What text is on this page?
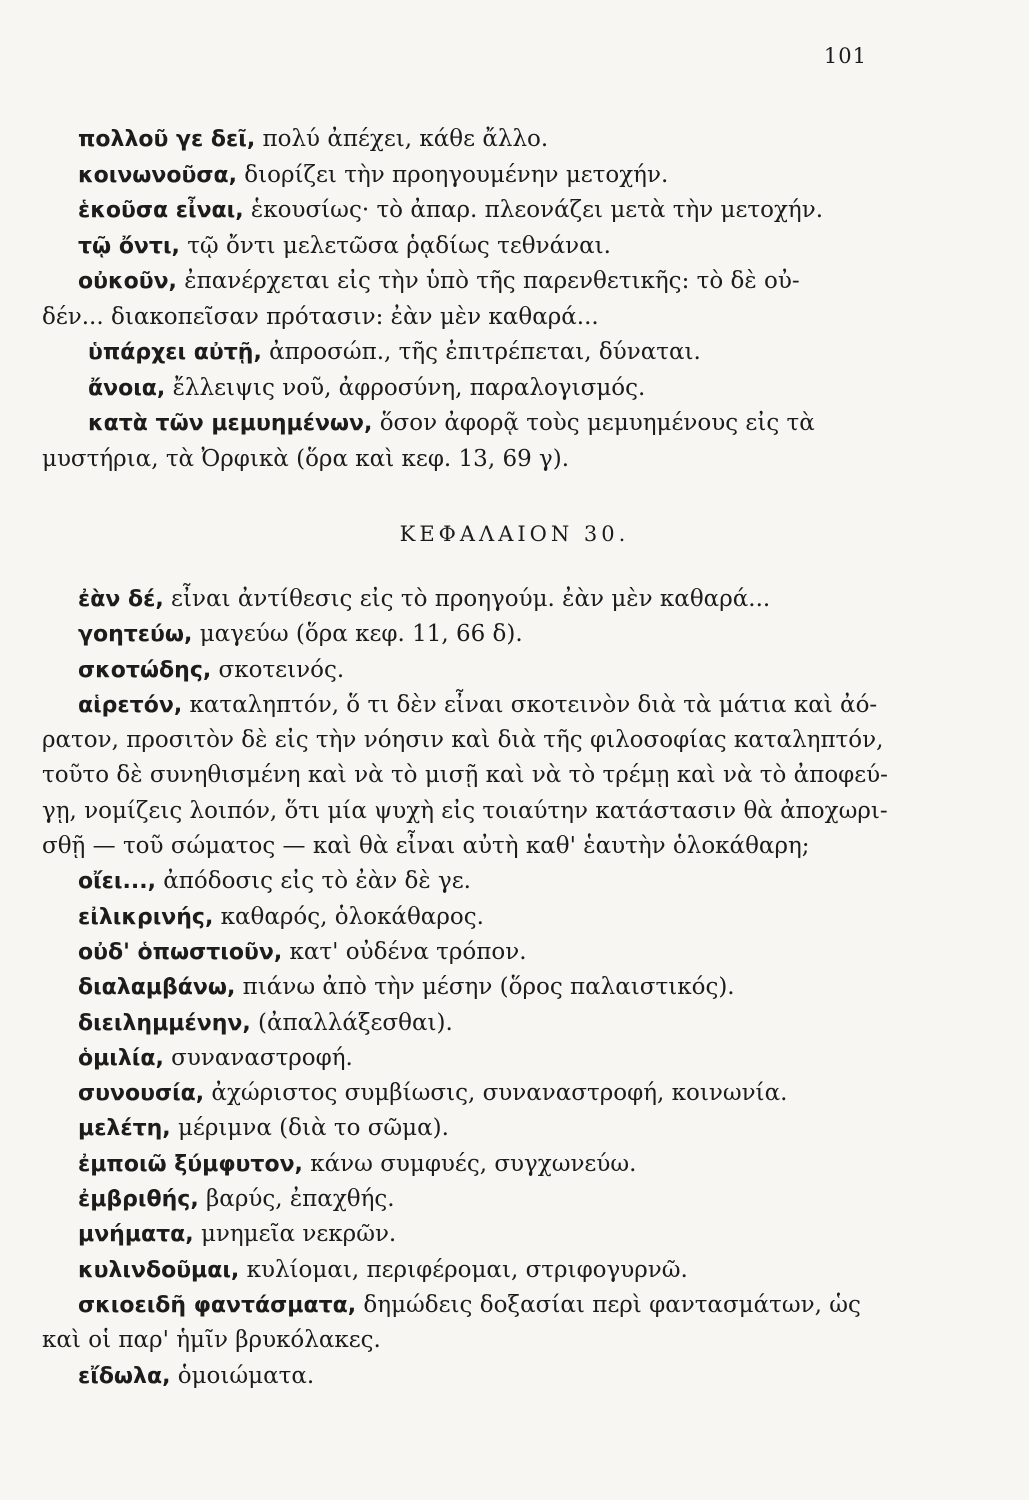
101

πολλοῦ γε δεῖ, πολύ ἀπέχει, κάθε ἄλλο.

κοινωνοῦσα, διορίζει τὴν προηγουμένην μετοχήν.

ἑκοῦσα εἶναι, ἑκουσίως· τὸ ἀπαρ. πλεονάζει μετὰ τὴν μετοχήν.

τῷ ὄντι, τῷ ὄντι μελετῶσα ῥᾳδίως τεθνάναι.

οὐκοῦν, ἐπανέρχεται εἰς τὴν ὑπὸ τῆς παρενθετικῆς: τὸ δὲ οὐ-

δέν... διακοπεῖσαν πρότασιν: ἐὰν μὲν καθαρά...

ὑπάρχει αὐτῇ, ἀπροσώπ., τῆς ἐπιτρέπεται, δύναται.

ἄνοια, ἔλλειψις νοῦ, ἀφροσύνη, παραλογισμός.

κατὰ τῶν μεμυημένων, ὅσον ἀφορᾷ τοὺς μεμυημένους εἰς τὰ

μυστήρια, τὰ Ὀρφικὰ (ὅρα καὶ κεφ. 13, 69 γ).

ΚΕΦΑΛΑΙΟΝ 30.

ἐὰν δέ, εἶναι ἀντίθεσις εἰς τὸ προηγούμ. ἐὰν μὲν καθαρά...

γοητεύω, μαγεύω (ὅρα κεφ. 11, 66 δ).

σκοτώδης, σκοτεινός.

αἱρετόν, καταληπτόν, ὅ τι δὲν εἶναι σκοτεινὸν διὰ τὰ μάτια καὶ ἀό-

ρατον, προσιτὸν δὲ εἰς τὴν νόησιν καὶ διὰ τῆς φιλοσοφίας καταληπτόν,

τοῦτο δὲ συνηθισμένη καὶ νὰ τὸ μισῇ καὶ νὰ τὸ τρέμῃ καὶ νὰ τὸ ἀποφεύ-

γῃ, νομίζεις λοιπόν, ὅτι μία ψυχὴ εἰς τοιαύτην κατάστασιν θὰ ἀποχωρι-

σθῇ — τοῦ σώματος — καὶ θὰ εἶναι αὐτὴ καθ' ἑαυτὴν ὁλοκάθαρη;

οἴει..., ἀπόδοσις εἰς τὸ ἐὰν δὲ γε.

εἰλικρινής, καθαρός, ὁλοκάθαρος.

οὐδ' ὁπωστιοῦν, κατ' οὐδένα τρόπον.

διαλαμβάνω, πιάνω ἀπὸ τὴν μέσην (ὅρος παλαιστικός).

διειλημμένην, (ἀπαλλάξεσθαι).

ὁμιλία, συναναστροφή.

συνουσία, ἀχώριστος συμβίωσις, συναναστροφή, κοινωνία.

μελέτη, μέριμνα (διὰ το σῶμα).

ἐμποιῶ ξύμφυτον, κάνω συμφυές, συγχωνεύω.

ἐμβριθής, βαρύς, ἐπαχθής.

μνήματα, μνημεῖα νεκρῶν.

κυλινδοῦμαι, κυλίομαι, περιφέρομαι, στριφογυρνῶ.

σκιοειδῆ φαντάσματα, δημώδεις δοξασίαι περὶ φαντασμάτων, ὡς

καὶ οἱ παρ' ἡμῖν βρυκόλακες.

εἴδωλα, ὁμοιώματα.
